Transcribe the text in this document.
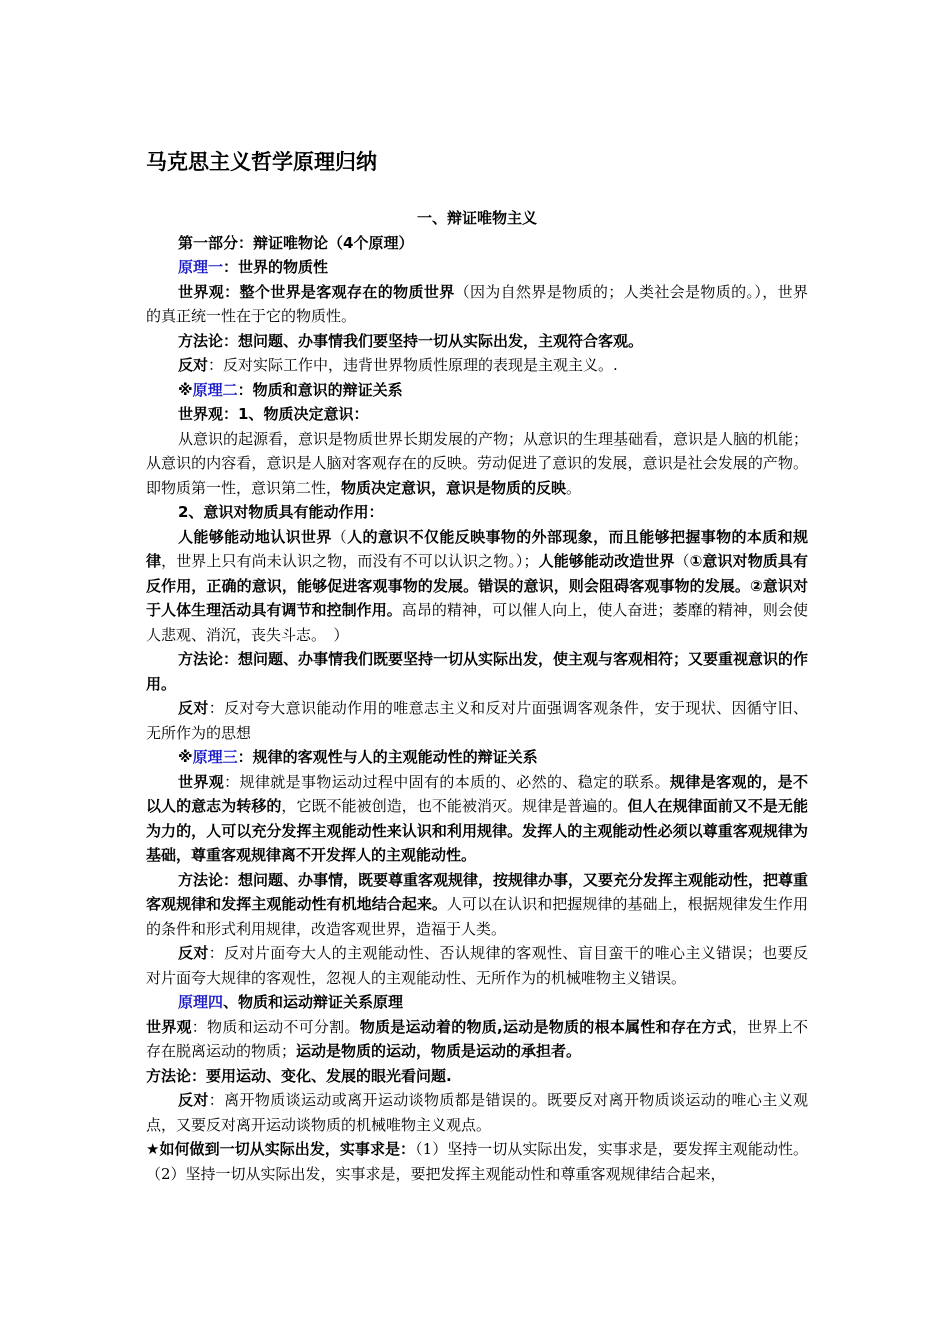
马克思主义哲学原理归纳

一、辩证唯物主义

第一部分：辩证唯物论（4个原理）

原理一：世界的物质性

世界观：整个世界是客观存在的物质世界（因为自然界是物质的；人类社会是物质的。），世界的真正统一性在于它的物质性。

方法论：想问题、办事情我们要坚持一切从实际出发，主观符合客观。

反对：反对实际工作中，违背世界物质性原理的表现是主观主义。.

※原理二：物质和意识的辩证关系

世界观：1、物质决定意识：

从意识的起源看，意识是物质世界长期发展的产物；从意识的生理基础看，意识是人脑的机能；从意识的内容看，意识是人脑对客观存在的反映。劳动促进了意识的发展，意识是社会发展的产物。即物质第一性，意识第二性，物质决定意识，意识是物质的反映。

2、意识对物质具有能动作用：

人能够能动地认识世界（人的意识不仅能反映事物的外部现象，而且能够把握事物的本质和规律，世界上只有尚未认识之物，而没有不可以认识之物。）；人能够能动改造世界（①意识对物质具有反作用，正确的意识，能够促进客观事物的发展。错误的意识，则会阻碍客观事物的发展。②意识对于人体生理活动具有调节和控制作用。高昂的精神，可以催人向上，使人奋进；萎靡的精神，则会使人悲观、消沉，丧失斗志。　）

方法论：想问题、办事情我们既要坚持一切从实际出发，使主观与客观相符；又要重视意识的作用。

反对：反对夸大意识能动作用的唯意志主义和反对片面强调客观条件，安于现状、因循守旧、无所作为的思想

※原理三：规律的客观性与人的主观能动性的辩证关系

世界观：规律就是事物运动过程中固有的本质的、必然的、稳定的联系。规律是客观的，是不以人的意志为转移的，它既不能被创造，也不能被消灭。规律是普遍的。但人在规律面前又不是无能为力的，人可以充分发挥主观能动性来认识和利用规律。发挥人的主观能动性必须以尊重客观规律为基础，尊重客观规律离不开发挥人的主观能动性。

方法论：想问题、办事情，既要尊重客观规律，按规律办事，又要充分发挥主观能动性，把尊重客观规律和发挥主观能动性有机地结合起来。人可以在认识和把握规律的基础上，根据规律发生作用的条件和形式利用规律，改造客观世界，造福于人类。

反对：反对片面夸大人的主观能动性、否认规律的客观性、盲目蛮干的唯心主义错误；也要反对片面夸大规律的客观性，忽视人的主观能动性、无所作为的机械唯物主义错误。

原理四、物质和运动辩证关系原理

世界观：物质和运动不可分割。物质是运动着的物质,运动是物质的根本属性和存在方式，世界上不存在脱离运动的物质；运动是物质的运动，物质是运动的承担者。

方法论：要用运动、变化、发展的眼光看问题.

反对：离开物质谈运动或离开运动谈物质都是错误的。既要反对离开物质谈运动的唯心主义观点，又要反对离开运动谈物质的机械唯物主义观点。

★如何做到一切从实际出发，实事求是：（1）坚持一切从实际出发，实事求是，要发挥主观能动性。（2）坚持一切从实际出发，实事求是，要把发挥主观能动性和尊重客观规律结合起来，
